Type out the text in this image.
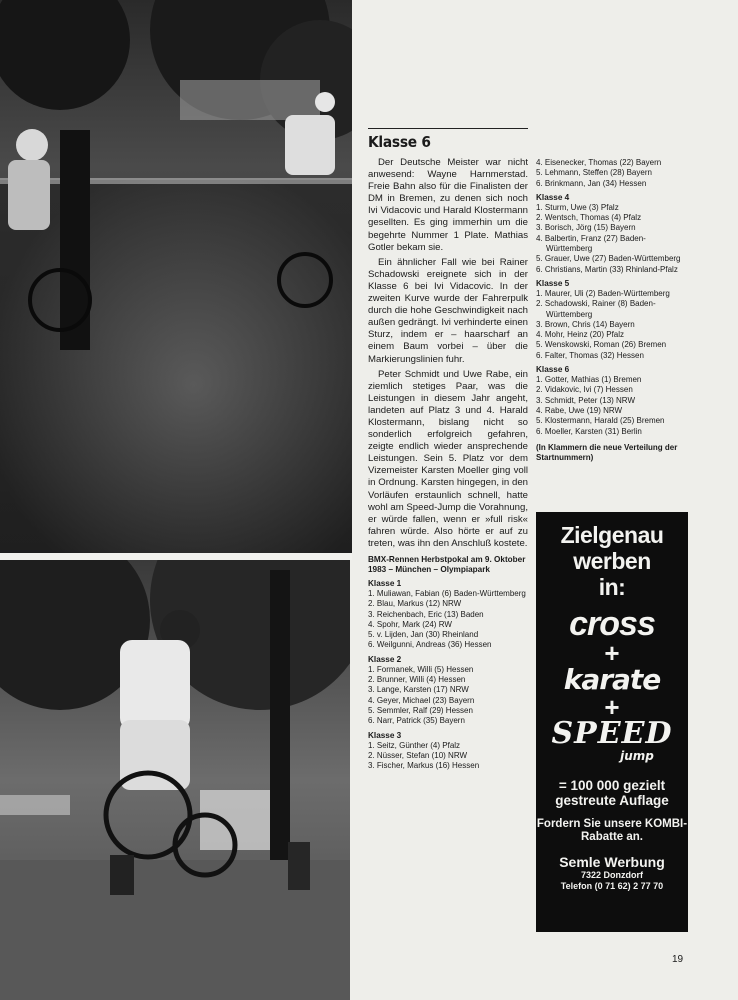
Klasse 6

Der Deutsche Meister war nicht anwesend: Wayne Harnmerstad. Freie Bahn also für die Finalisten der DM in Bremen, zu denen sich noch Ivi Vidacovic und Harald Klostermann gesellten. Es ging immerhin um die begehrte Nummer 1 Plate. Mathias Gotler bekam sie.

Ein ähnlicher Fall wie bei Rainer Schadowski ereignete sich in der Klasse 6 bei Ivi Vidacovic. In der zweiten Kurve wurde der Fahrerpulk durch die hohe Geschwindigkeit nach außen gedrängt. Ivi verhinderte einen Sturz, indem er – haarscharf an einem Baum vorbei – über die Markierungslinien fuhr.

Peter Schmidt und Uwe Rabe, ein ziemlich stetiges Paar, was die Leistungen in diesem Jahr angeht, landeten auf Platz 3 und 4. Harald Klostermann, bislang nicht so sonderlich erfolgreich gefahren, zeigte endlich wieder ansprechende Leistungen. Sein 5. Platz vor dem Vizemeister Karsten Moeller ging voll in Ordnung. Karsten hingegen, in den Vorläufen erstaunlich schnell, hatte wohl am Speed-Jump die Vorahnung, er würde fallen, wenn er »full risk« fahren würde. Also hörte er auf zu treten, was ihn den Anschluß kostete.

BMX-Rennen Herbstpokal am 9. Oktober 1983 – München – Olympiapark
Klasse 1
1. Muliawan, Fabian (6) Baden-Württemberg
2. Blau, Markus (12) NRW
3. Reichenbach, Eric (13) Baden
4. Spohr, Mark (24) RW
5. v. Lijden, Jan (30) Rheinland
6. Weilgunni, Andreas (36) Hessen
Klasse 2
1. Formanek, Willi (5) Hessen
2. Brunner, Willi (4) Hessen
3. Lange, Karsten (17) NRW
4. Geyer, Michael (23) Bayern
5. Semmler, Ralf (29) Hessen
6. Narr, Patrick (35) Bayern
Klasse 3
1. Seitz, Günther (4) Pfalz
2. Nüsser, Stefan (10) NRW
3. Fischer, Markus (16) Hessen
4. Eisenecker, Thomas (22) Bayern
5. Lehmann, Steffen (28) Bayern
6. Brinkmann, Jan (34) Hessen
Klasse 4
1. Sturm, Uwe (3) Pfalz
2. Wentsch, Thomas (4) Pfalz
3. Borisch, Jörg (15) Bayern
4. Balbertin, Franz (27) Baden-Württemberg
5. Grauer, Uwe (27) Baden-Württemberg
6. Christians, Martin (33) Rhinland-Pfalz
Klasse 5
1. Maurer, Uli (2) Baden-Württemberg
2. Schadowski, Rainer (8) Baden-Württemberg
3. Brown, Chris (14) Bayern
4. Mohr, Heinz (20) Pfalz
5. Wenskowski, Roman (26) Bremen
6. Falter, Thomas (32) Hessen
Klasse 6
1. Gotter, Mathias (1) Bremen
2. Vidakovic, Ivi (7) Hessen
3. Schmidt, Peter (13) NRW
4. Rabe, Uwe (19) NRW
5. Klostermann, Harald (25) Bremen
6. Moeller, Karsten (31) Berlin
(In Klammern die neue Verteilung der Startnummern)
Zielgenau
werben
in:
cross
+
karate
+
SPEED
jump
= 100 000 gezielt gestreute Auflage
Fordern Sie unsere KOMBI-Rabatte an.
Semle Werbung
7322 Donzdorf
Telefon (0 71 62) 2 77 70
19
